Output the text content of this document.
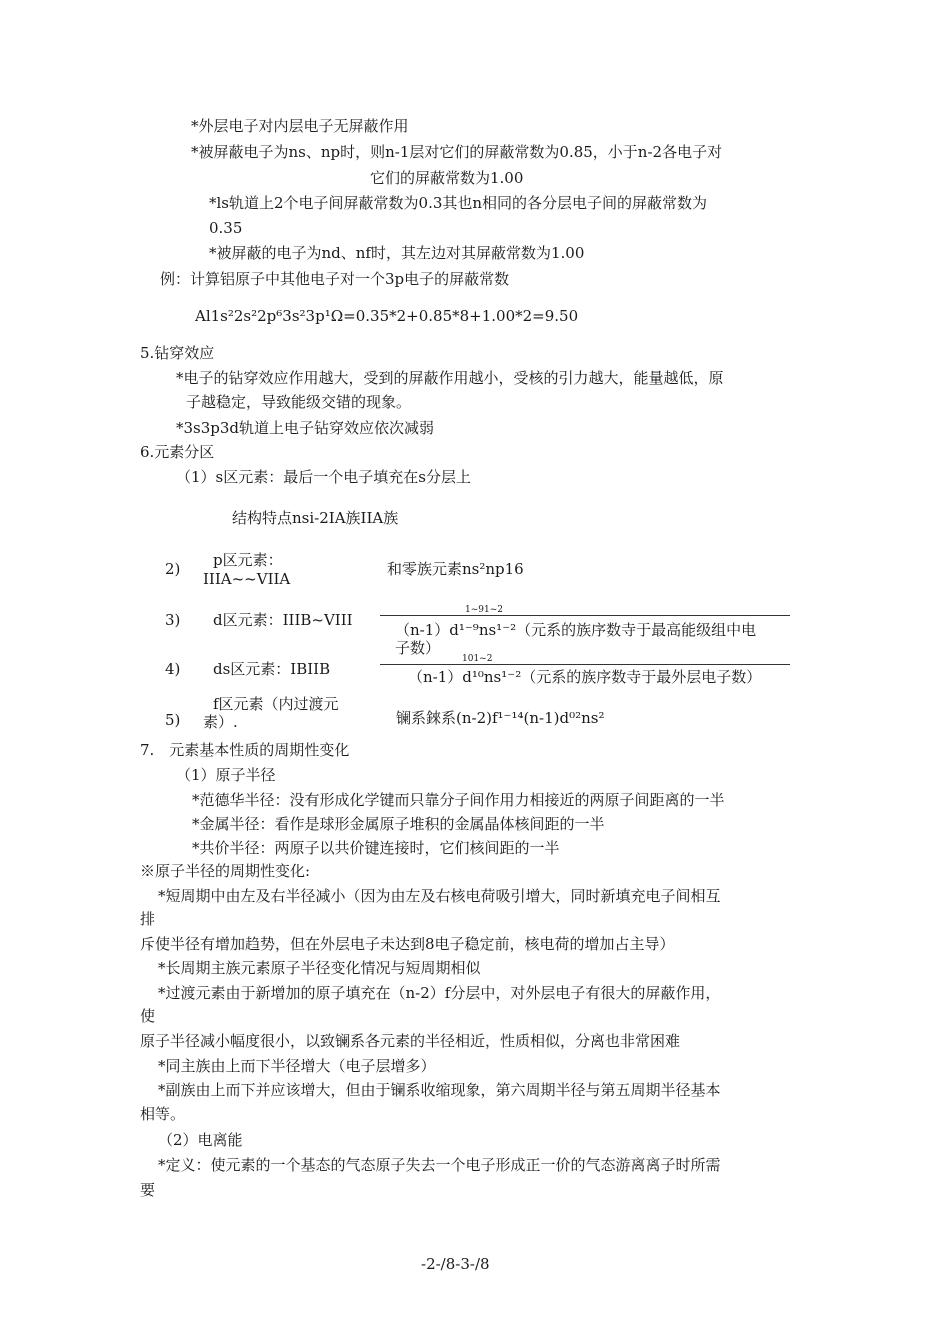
*外层电子对内层电子无屏蔽作用
*被屏蔽电子为ns、np时，则n-1层对它们的屏蔽常数为0.85，小于n-2各电子对
它们的屏蔽常数为1.00
*ls轨道上2个电子间屏蔽常数为0.3其也n相同的各分层电子间的屏蔽常数为
0.35
*被屏蔽的电子为nd、nf时，其左边对其屏蔽常数为1.00
例：计算铝原子中其他电子对一个3p电子的屏蔽常数
Al1s²2s²2p⁶3s²3p¹Ω=0.35*2+0.85*8+1.00*2=9.50
5.钻穿效应
*电子的钻穿效应作用越大，受到的屏蔽作用越小，受核的引力越大，能量越低，原
子越稳定，导致能级交错的现象。
*3s3p3d轨道上电子钻穿效应依次减弱
6.元素分区
（1）s区元素：最后一个电子填充在s分层上
结构特点nsi-2IA族IIA族
2) p区元素：
IIIA~~VIIA
和零族元素ns²np16
3) d区元素：IIIB~VIII
1~91~2
（n-1）d¹⁻⁹ns¹⁻²（元系的族序数寺于最高能级组中电
子数）
4) ds区元素：IBIIB
101~2
（n-1）d¹⁰ns¹⁻²（元系的族序数寺于最外层电子数）
5)
f区元素（内过渡元
素）.	镧系錸系(n-2)f¹⁻¹⁴(n-1)d⁰²ns²
7.　元素基本性质的周期性变化
（1）原子半径
*范德华半径：没有形成化学键而只靠分子间作用力相接近的两原子间距离的一半
*金属半径：看作是球形金属原子堆积的金属晶体核间距的一半
*共价半径：两原子以共价键连接时，它们核间距的一半
※原子半径的周期性变化:
*短周期中由左及右半径减小（因为由左及右核电荷吸引增大，同时新填充电子间相互
排
斥使半径有增加趋势，但在外层电子未达到8电子稳定前，核电荷的增加占主导）
*长周期主族元素原子半径变化情况与短周期相似
*过渡元素由于新增加的原子填充在（n-2）f分层中，对外层电子有很大的屏蔽作用，
使
原子半径减小幅度很小，以致镧系各元素的半径相近，性质相似，分离也非常困难
*同主族由上而下半径增大（电子层增多）
*副族由上而下并应该增大，但由于镧系收缩现象，第六周期半径与第五周期半径基本
相等。
（2）电离能
*定义：使元素的一个基态的气态原子失去一个电子形成正一价的气态游离离子时所需
要
-2-/8-3-/8
